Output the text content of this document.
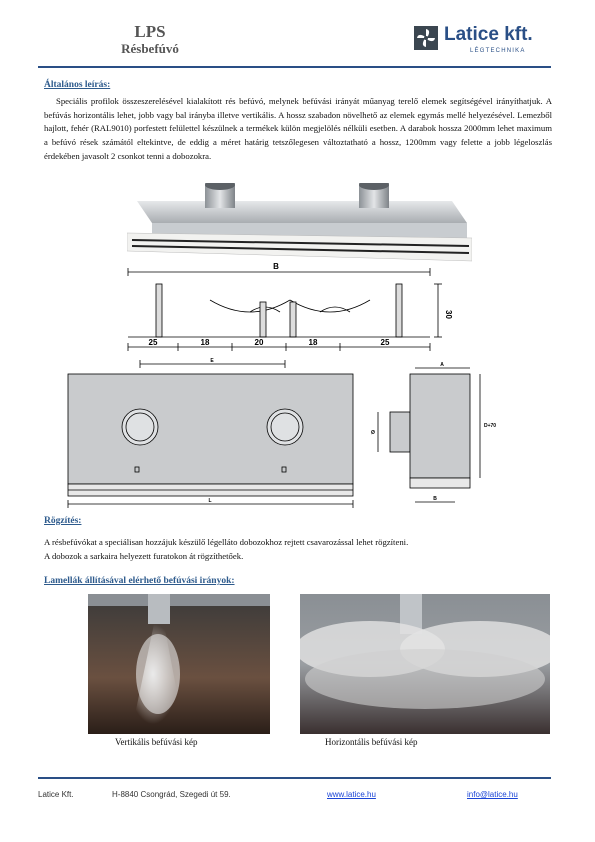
LPS
Résbefúvó
Latice kft.
LÉGTECHNIKA
Általános leírás:
Speciális profilok összeszerelésével kialakított rés befúvó, melynek befúvási irányát műanyag terelő elemek segítségével irányíthatjuk. A befúvás horizontális lehet, jobb vagy bal irányba illetve vertikális. A hossz szabadon növelhető az elemek egymás mellé helyezésével. Lemezből hajlott, fehér (RAL9010) porfestett felülettel készülnek a termékek külön megjelölés nélküli esetben. A darabok hossza 2000mm lehet maximum a befúvó rések számától eltekintve, de eddig a méret határig tetszőlegesen változtatható a hossz, 1200mm vagy felette a jobb légeloszlás érdekében javasolt 2 csonkot tenni a dobozokra.
B
30
25	18	20	18	25
E
L
A
D+70
Ø
B
Rögzítés:
A résbefúvókat a speciálisan hozzájuk készülő légelláto dobozokhoz rejtett csavarozással lehet rögzíteni.
A dobozok a sarkaira helyezett furatokon át rögzíthetőek.
Lamellák állításával elérhető befúvási irányok:
Vertikális befúvási kép	Horizontális befúvási kép
Latice Kft.	H-8840 Csongrád, Szegedi út 59.	www.latice.hu	info@latice.hu
